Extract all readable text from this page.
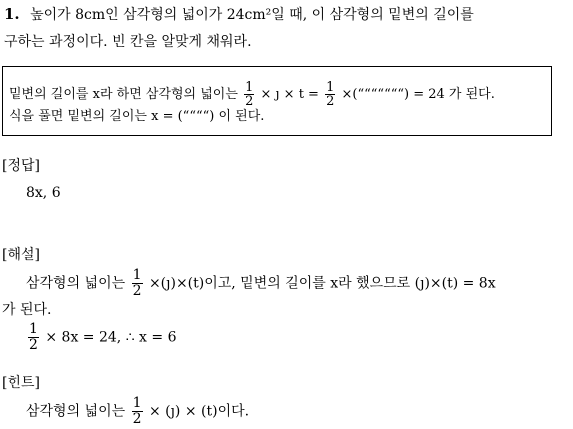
1. 높이가 8cm인 삼각형의 넓이가 24cm²일 때, 이 삼각형의 밑변의 길이를
구하는 과정이다. 빈 칸을 알맞게 채워라.
밑변의 길이를 x라 하면 삼각형의 넓이는 $\frac{1}{2}$ × ȷ × $t = \frac{1}{2}$ ×(“““““““) = 24 가 된다.
식을 풀면 밑변의 길이는 x = (““““) 이 된다.
[정답]
8x, 6
[해설]
삼각형의 넓이는 $\frac{1}{2}$ ×(ȷ)×(t)이고, 밑변의 길이를 x라 했으므로 (ȷ)×(t) = 8x
가 된다.
$\frac{1}{2} \times 8x = 24$, ∴ x = 6
[힌트]
삼각형의 넓이는 $\frac{1}{2}$ × (ȷ) × (t)이다.
